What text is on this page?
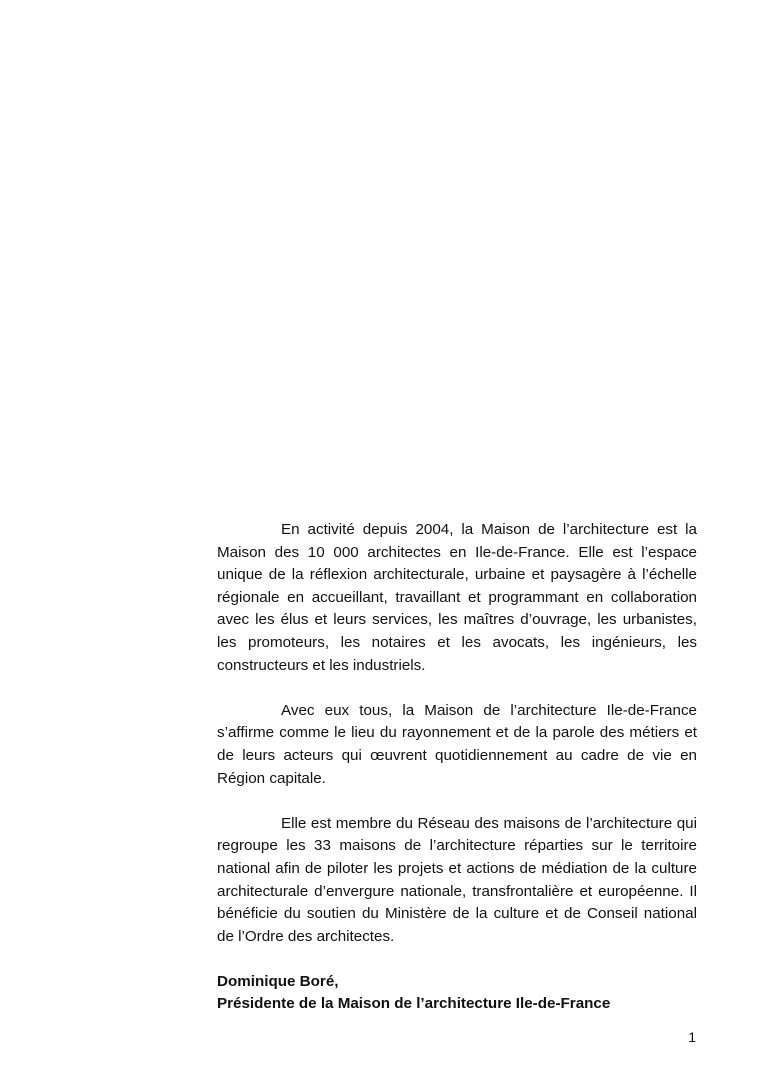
En activité depuis 2004, la Maison de l’architecture est la Maison des 10 000 architectes en Ile-de-France. Elle est l’espace unique de la réflexion architecturale, urbaine et paysagère à l’échelle régionale en accueillant, travaillant et programmant en collaboration avec les élus et leurs services, les maîtres d’ouvrage, les urbanistes, les promoteurs, les notaires et les avocats, les ingénieurs, les constructeurs et les industriels.

Avec eux tous, la Maison de l’architecture Ile-de-France s’affirme comme le lieu du rayonnement et de la parole des métiers et de leurs acteurs qui œuvrent quotidiennement au cadre de vie en Région capitale.

Elle est membre du Réseau des maisons de l’architecture qui regroupe les 33 maisons de l’architecture réparties sur le territoire national afin de piloter les projets et actions de médiation de la culture architecturale d’envergure nationale, transfrontalière et européenne. Il bénéficie du soutien du Ministère de la culture et de Conseil national de l’Ordre des architectes.

Dominique Boré,
Présidente de la Maison de l’architecture Ile-de-France

1
